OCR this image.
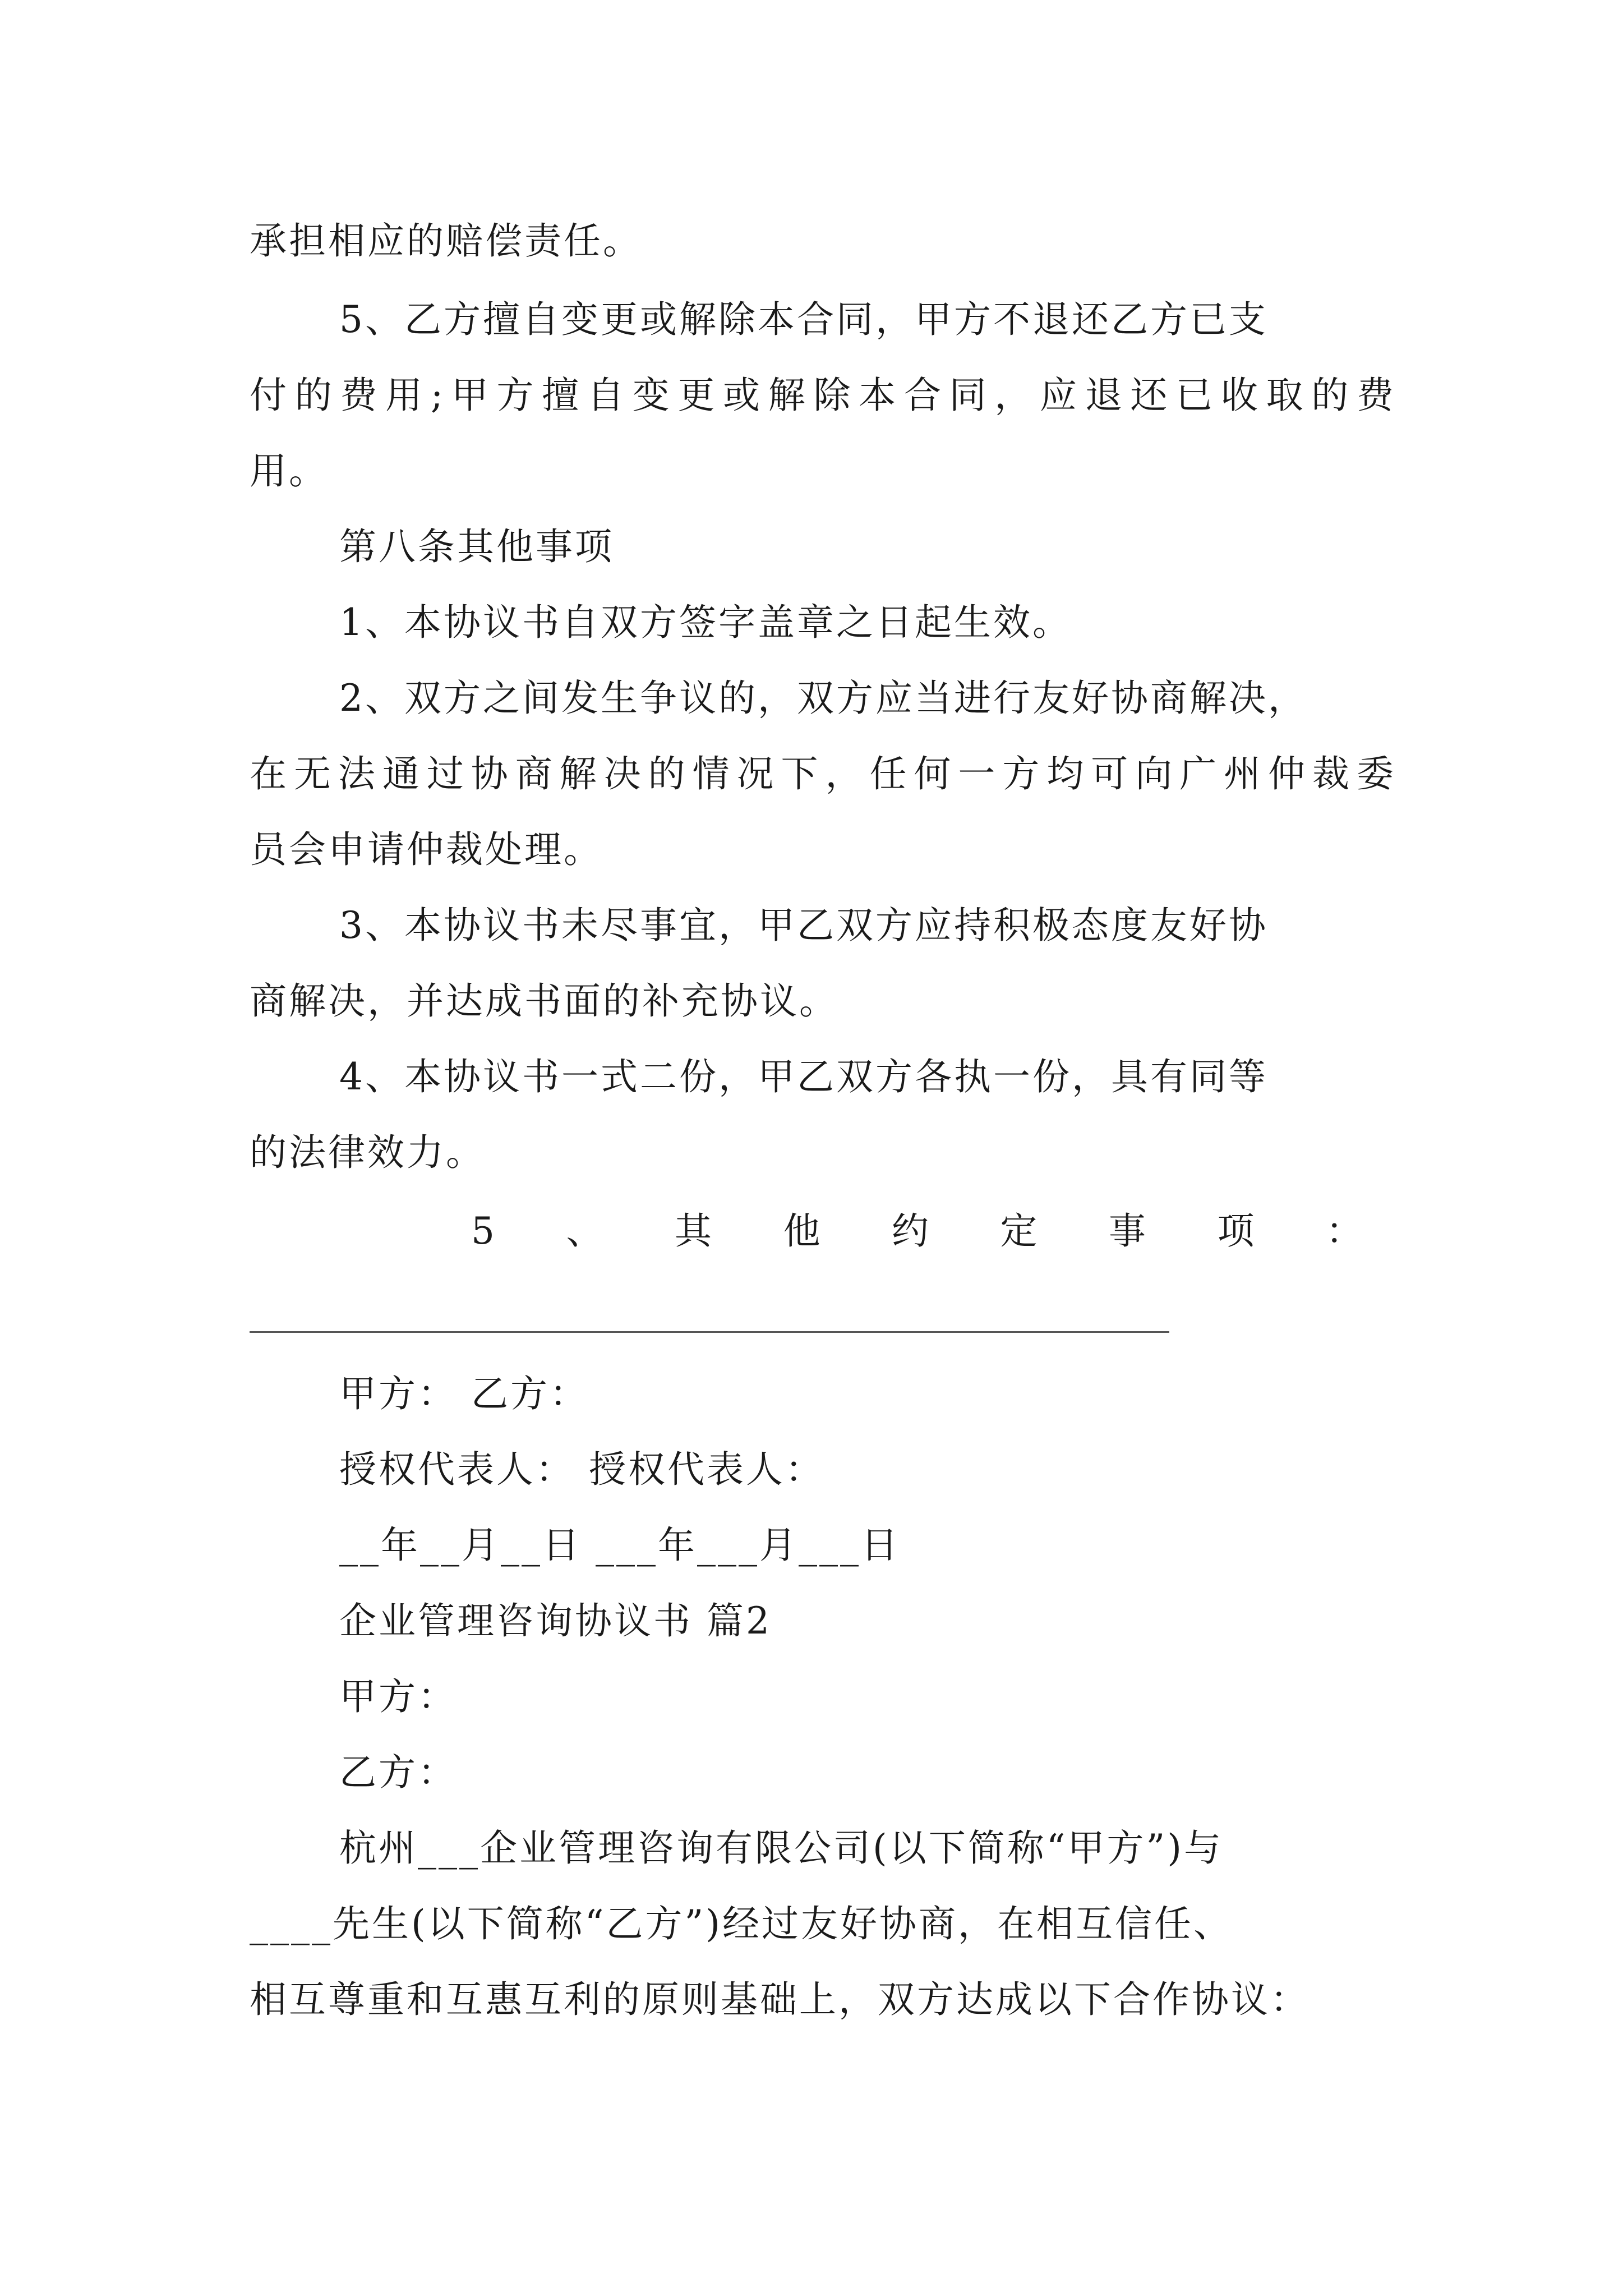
承担相应的赔偿责任。
5、乙方擅自变更或解除本合同，甲方不退还乙方已支
付的费用;甲方擅自变更或解除本合同，应退还已收取的费
用。
第八条其他事项
1、本协议书自双方签字盖章之日起生效。
2、双方之间发生争议的，双方应当进行友好协商解决，
在无法通过协商解决的情况下，任何一方均可向广州仲裁委
员会申请仲裁处理。
3、本协议书未尽事宜，甲乙双方应持积极态度友好协
商解决，并达成书面的补充协议。
4、本协议书一式二份，甲乙双方各执一份，具有同等
的法律效力。
5 、 其 他 约 定 事 项 ：
甲方： 乙方：
授权代表人： 授权代表人：
__年__月__日 ___年___月___日
企业管理咨询协议书 篇2
甲方：
乙方：
杭州___企业管理咨询有限公司(以下简称“甲方”)与
____先生(以下简称“乙方”)经过友好协商，在相互信任、
相互尊重和互惠互利的原则基础上，双方达成以下合作协议：
